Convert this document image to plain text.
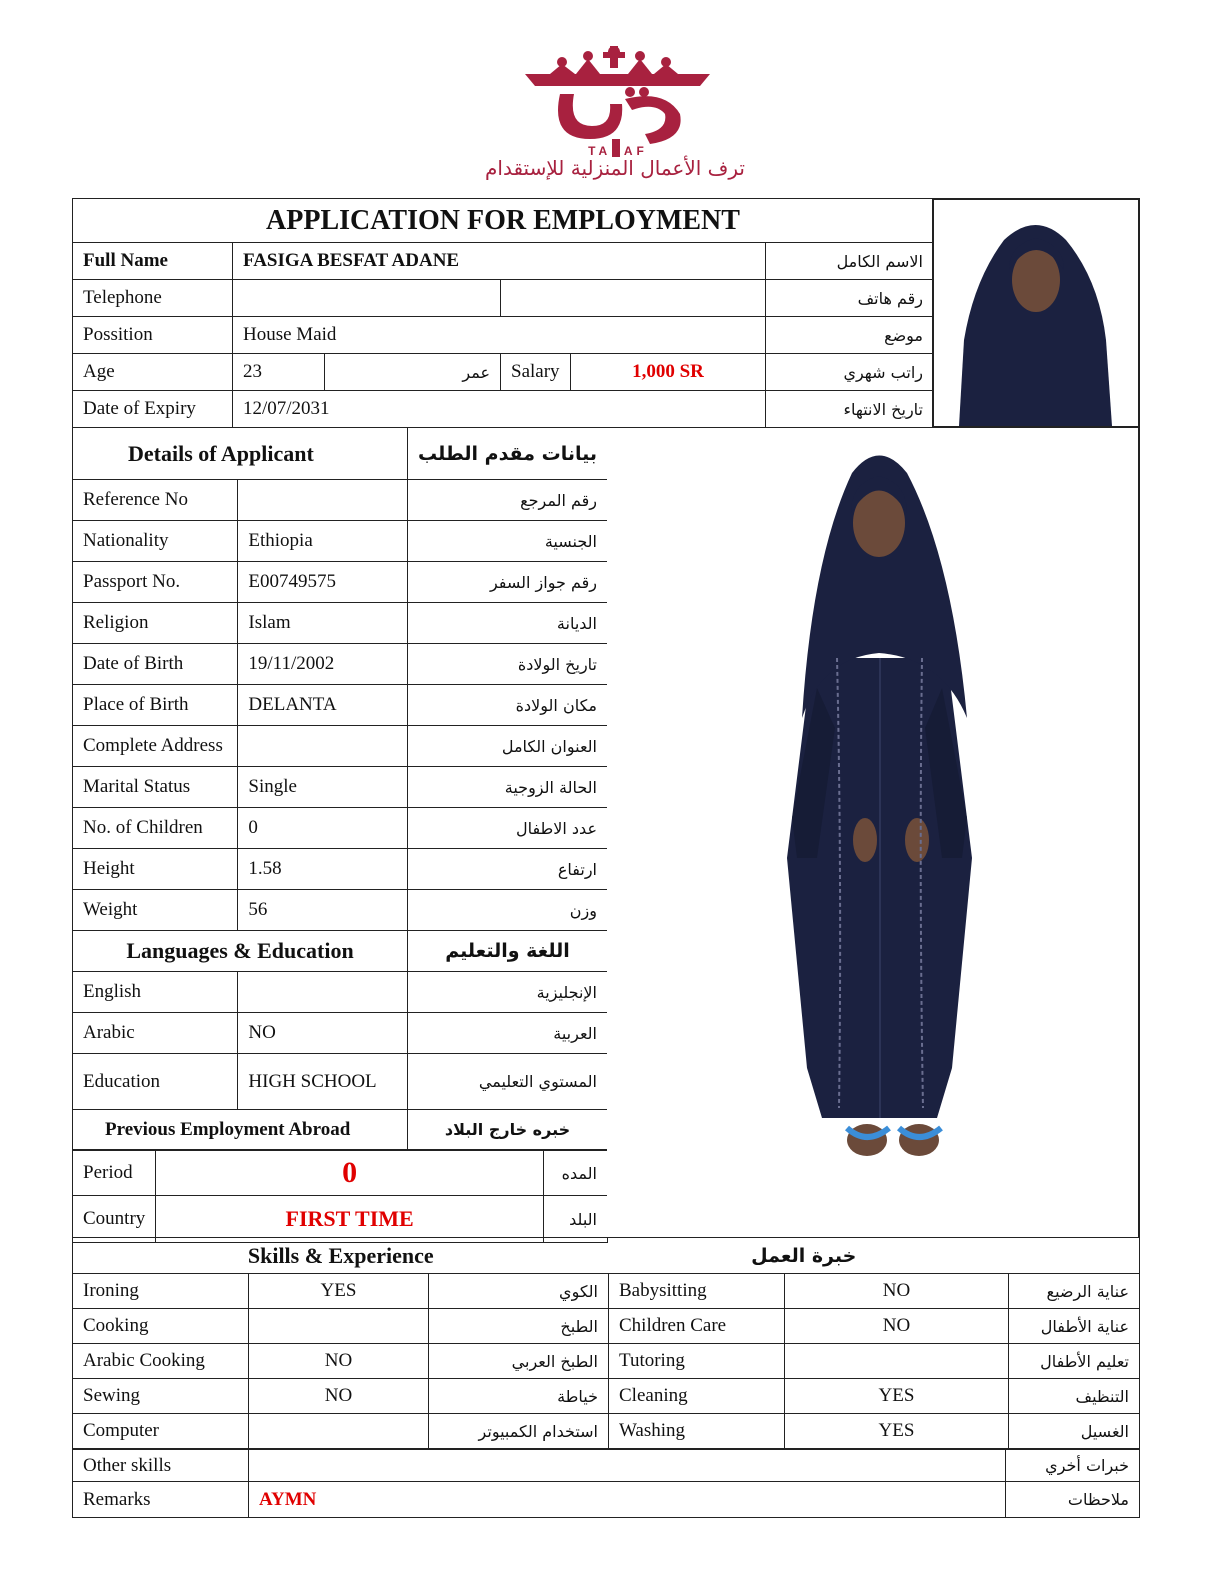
TARAF
ترف الأعمال المنزلية للإستقدام
APPLICATION FOR EMPLOYMENT					
Full Name	FASIGA BESFAT ADANE				الاسم الكامل
Telephone					رقم هاتف
Possition	House Maid				موضع
Age	23	عمر	Salary	1,000 SR	راتب شهري
Date of Expiry	12/07/2031				تاريخ الانتهاء
Details of Applicant		بيانات مقدم الطلب
Reference No		رقم المرجع
Nationality	Ethiopia	الجنسية
Passport No.	E00749575	رقم جواز السفر
Religion	Islam	الديانة
Date of Birth	19/11/2002	تاريخ الولادة
Place of Birth	DELANTA	مكان الولادة
Complete Address		العنوان الكامل
Marital Status	Single	الحالة الزوجية
No. of Children	0	عدد الاطفال
Height	1.58	ارتفاع
Weight	56	وزن
Languages & Education		اللغة والتعليم
English		الإنجليزية
Arabic	NO	العربية
Education	HIGH SCHOOL	المستوي التعليمي
Previous Employment Abroad		خبره خارج البلاد
Period	0	المده
Country	FIRST TIME	البلد
Skills & Experience			خبرة العمل		
Ironing	YES	الكوي	Babysitting	NO	عناية الرضيع
Cooking		الطبخ	Children Care	NO	عناية الأطفال
Arabic Cooking	NO	الطبخ العربي	Tutoring		تعليم الأطفال
Sewing	NO	خياطة	Cleaning	YES	التنظيف
Computer		استخدام الكمبيوتر	Washing	YES	الغسيل
Other skills		خبرات أخري
Remarks	AYMN	ملاحظات
